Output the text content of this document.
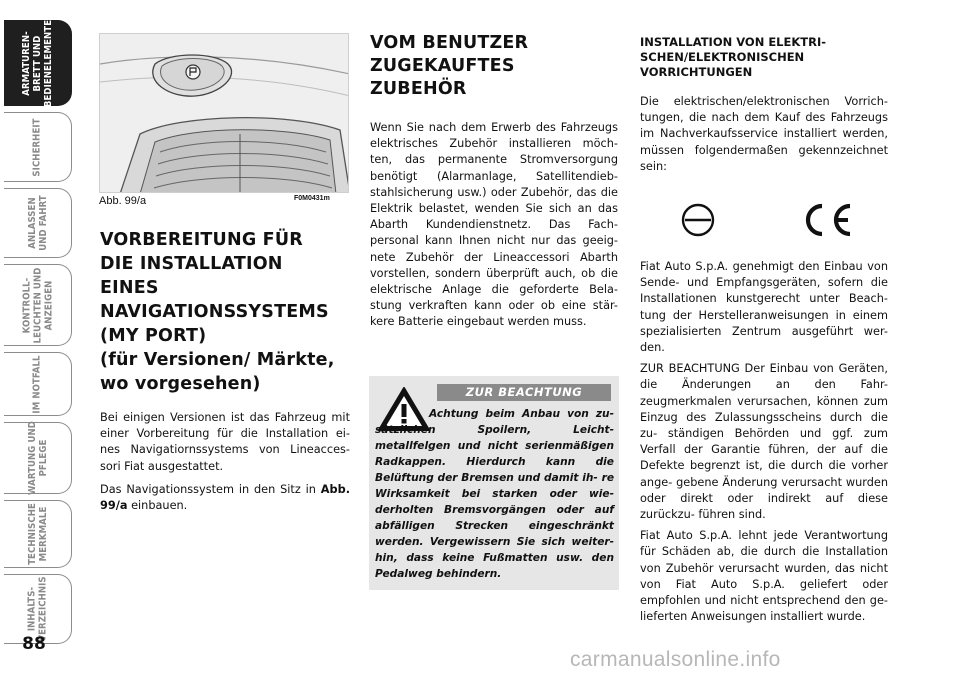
ARMATUREN-
BRETT UND
BEDIENELEMENTE
SICHERHEIT
ANLASSEN
UND FAHRT
KONTROLL-
LEUCHTEN UND
ANZEIGEN
IM NOTFALL
WARTUNG UND
PFLEGE
TECHNISCHE
MERKMALE
INHALTS-
VERZEICHNIS
88
Abb. 99/a	F0M0431m
VORBEREITUNG FÜR
DIE INSTALLATION
EINES
NAVIGATIONSSYSTEMS
(MY PORT)
(für Versionen/ Märkte,
wo vorgesehen)

Bei einigen Versionen ist das Fahrzeug mit einer Vorbereitung für die Installation ei- nes Navigatiornssystems von Lineacces- sori Fiat ausgestattet.

Das Navigationssystem in den Sitz in Abb. 99/a einbauen.

VOM BENUTZER
ZUGEKAUFTES
ZUBEHÖR

Wenn Sie nach dem Erwerb des Fahrzeugs elektrisches Zubehör installieren möch- ten, das permanente Stromversorgung benötigt (Alarmanlage, Satellitendieb- stahlsicherung usw.) oder Zubehör, das die Elektrik belastet, wenden Sie sich an das Abarth Kundendienstnetz. Das Fach- personal kann Ihnen nicht nur das geeig- nete Zubehör der Lineaccessori Abarth vorstellen, sondern überprüft auch, ob die elektrische Anlage die geforderte Bela- stung verkraften kann oder ob eine stär- kere Batterie eingebaut werden muss.

ZUR BEACHTUNG
Achtung beim Anbau von zu- sätzlichen Spoilern, Leicht- metallfelgen und nicht serienmäßigen Radkappen. Hierdurch kann die Belüftung der Bremsen und damit ih- re Wirksamkeit bei starken oder wie- derholten Bremsvorgängen oder auf abfälligen Strecken eingeschränkt werden. Vergewissern Sie sich weiter- hin, dass keine Fußmatten usw. den Pedalweg behindern.
INSTALLATION VON ELEKTRI- SCHEN/ELEKTRONISCHEN VORRICHTUNGEN
Die elektrischen/elektronischen Vorrich- tungen, die nach dem Kauf des Fahrzeugs im Nachverkaufsservice installiert werden, müssen folgendermaßen gekennzeichnet sein:

Fiat Auto S.p.A. genehmigt den Einbau von Sende- und Empfangsgeräten, sofern die Installationen kunstgerecht unter Beach- tung der Herstelleranweisungen in einem spezialisierten Zentrum ausgeführt wer- den.

ZUR BEACHTUNG Der Einbau von Geräten, die Änderungen an den Fahr- zeugmerkmalen verursachen, können zum Einzug des Zulassungsscheins durch die zu- ständigen Behörden und ggf. zum Verfall der Garantie führen, der auf die Defekte begrenzt ist, die durch die vorher ange- gebene Änderung verursacht wurden oder direkt oder indirekt auf diese zurückzu- führen sind.

Fiat Auto S.p.A. lehnt jede Verantwortung für Schäden ab, die durch die Installation von Zubehör verursacht wurden, das nicht von Fiat Auto S.p.A. geliefert oder empfohlen und nicht entsprechend den ge- lieferten Anweisungen installiert wurde.

carmanualsonline.info
